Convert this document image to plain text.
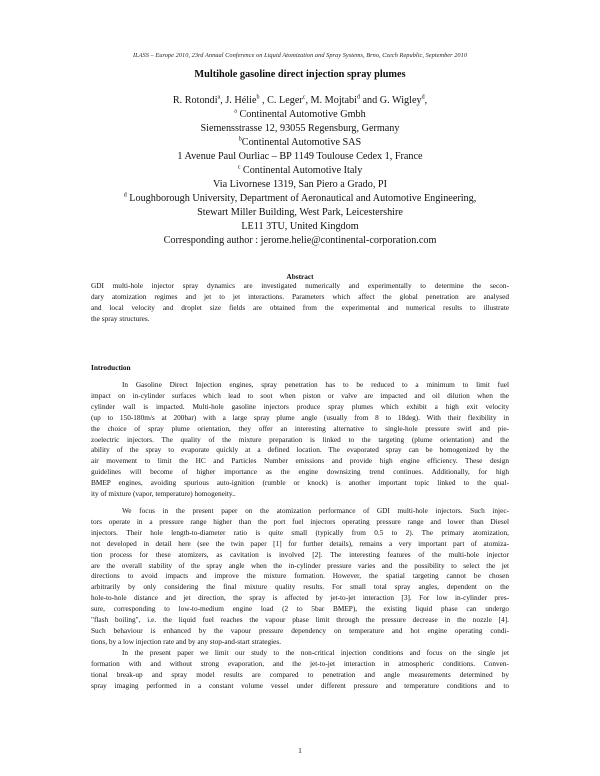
ILASS – Europe 2010, 23rd Annual Conference on Liquid Atomization and Spray Systems, Brno, Czech Republic, September 2010
Multihole gasoline direct injection spray plumes
R. Rotondi$^a$, J. Hélie$^b$ , C. Leger$^c$, M. Mojtabi$^d$ and G. Wigley$^d$,
$^a$ Continental Automotive Gmbh
Siemensstrasse 12, 93055 Regensburg, Germany
$^b$Continental Automotive SAS
1 Avenue Paul Ourliac – BP 1149 Toulouse Cedex 1, France
$^c$ Continental Automotive Italy
Via Livornese 1319, San Piero a Grado, PI
$^d$ Loughborough University, Department of Aeronautical and Automotive Engineering,
Stewart Miller Building, West Park, Leicestershire
LE11 3TU, United Kingdom
Corresponding author : jerome.helie@continental-corporation.com
Abstract
GDI multi-hole injector spray dynamics are investigated numerically and experimentally to determine the secon-
dary atomization regimes and jet to jet interactions. Parameters which affect the global penetration are analysed
and local velocity and droplet size fields are obtained from the experimental and numerical results to illustrate
the spray structures.
Introduction
In Gasoline Direct Injection engines, spray penetration has to be reduced to a minimum to limit fuel
impact on in-cylinder surfaces which lead to soot when piston or valve are impacted and oil dilution when the
cylinder wall is impacted. Multi-hole gasoline injectors produce spray plumes which exhibit a high exit velocity
(up to 150-180m/s at 200bar) with a large spray plume angle (usually from 8 to 18deg). With their flexibility in
the choice of spray plume orientation, they offer an interesting alternative to single-hole pressure swirl and pie-
zoelectric injectors. The quality of the mixture preparation is linked to the targeting (plume orientation) and the
ability of the spray to evaporate quickly at a defined location. The evaporated spray can be homogenized by the
air movement to limit the HC and Particles Number emissions and provide high engine efficiency. These design
guidelines will become of higher importance as the engine downsizing trend continues. Additionally, for high
BMEP engines, avoiding spurious auto-ignition (rumble or knock) is another important topic linked to the qual-
ity of mixture (vapor, temperature) homogeneity..
We focus in the present paper on the atomization performance of GDI multi-hole injectors. Such injec-
tors operate in a pressure range higher than the port fuel injectors operating pressure range and lower than Diesel
injectors. Their hole length-to-diameter ratio is quite small (typically from 0.5 to 2). The primary atomization,
not developed in detail here (see the twin paper [1] for further details), remains a very important part of atomiza-
tion process for these atomizers, as cavitation is involved [2]. The interesting features of the multi-hole injector
are the overall stability of the spray angle when the in-cylinder pressure varies and the possibility to select the jet
directions to avoid impacts and improve the mixture formation. However, the spatial targeting cannot be chosen
arbitrarily by only considering the final mixture quality results. For small total spray angles, dependent on the
hole-to-hole distance and jet direction, the spray is affected by jet-to-jet interaction [3]. For low in-cylinder pres-
sure, corresponding to low-to-medium engine load (2 to 5bar BMEP), the existing liquid phase can undergo
"flash boiling", i.e. the liquid fuel reaches the vapour phase limit through the pressure decrease in the nozzle [4].
Such behaviour is enhanced by the vapour pressure dependency on temperature and hot engine operating condi-
tions, by a low injection rate and by any stop-and-start strategies.
In the present paper we limit our study to the non-critical injection conditions and focus on the single jet
formation with and without strong evaporation, and the jet-to-jet interaction in atmospheric conditions. Conven-
tional break-up and spray model results are compared to penetration and angle measurements determined by
spray imaging performed in a constant volume vessel under different pressure and temperature conditions and to
1
